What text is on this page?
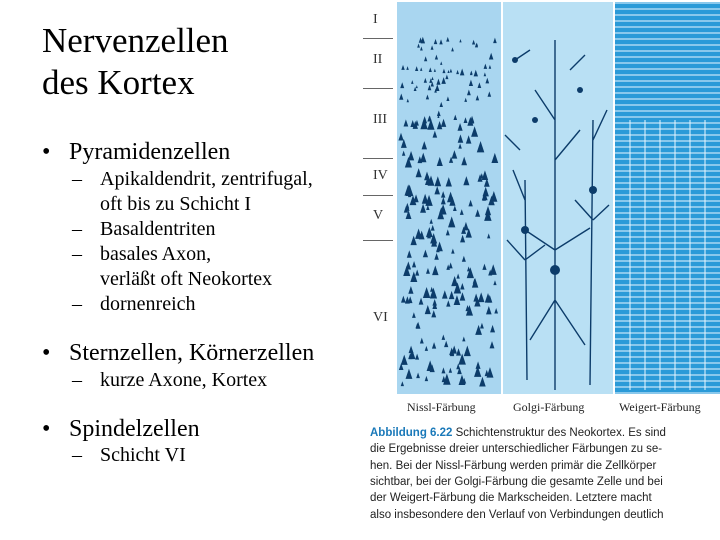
Nervenzellen
des Kortex
• Pyramidenzellen
– Apikaldendrit, zentrifugal,
oft bis zu Schicht I
– Basaldentriten
– basales Axon,
verläßt oft Neokortex
– dornenreich
• Sternzellen, Körnerzellen
– kurze Axone, Kortex
• Spindelzellen
– Schicht VI
I
II
III
IV
V
VI
Nissl-Färbung	Golgi-Färbung	Weigert-Färbung
Abbildung 6.22 Schichtenstruktur des Neokortex. Es sind
die Ergebnisse dreier unterschiedlicher Färbungen zu se-
hen. Bei der Nissl-Färbung werden primär die Zellkörper
sichtbar, bei der Golgi-Färbung die gesamte Zelle und bei
der Weigert-Färbung die Markscheiden. Letztere macht
also insbesondere den Verlauf von Verbindungen deutlich
